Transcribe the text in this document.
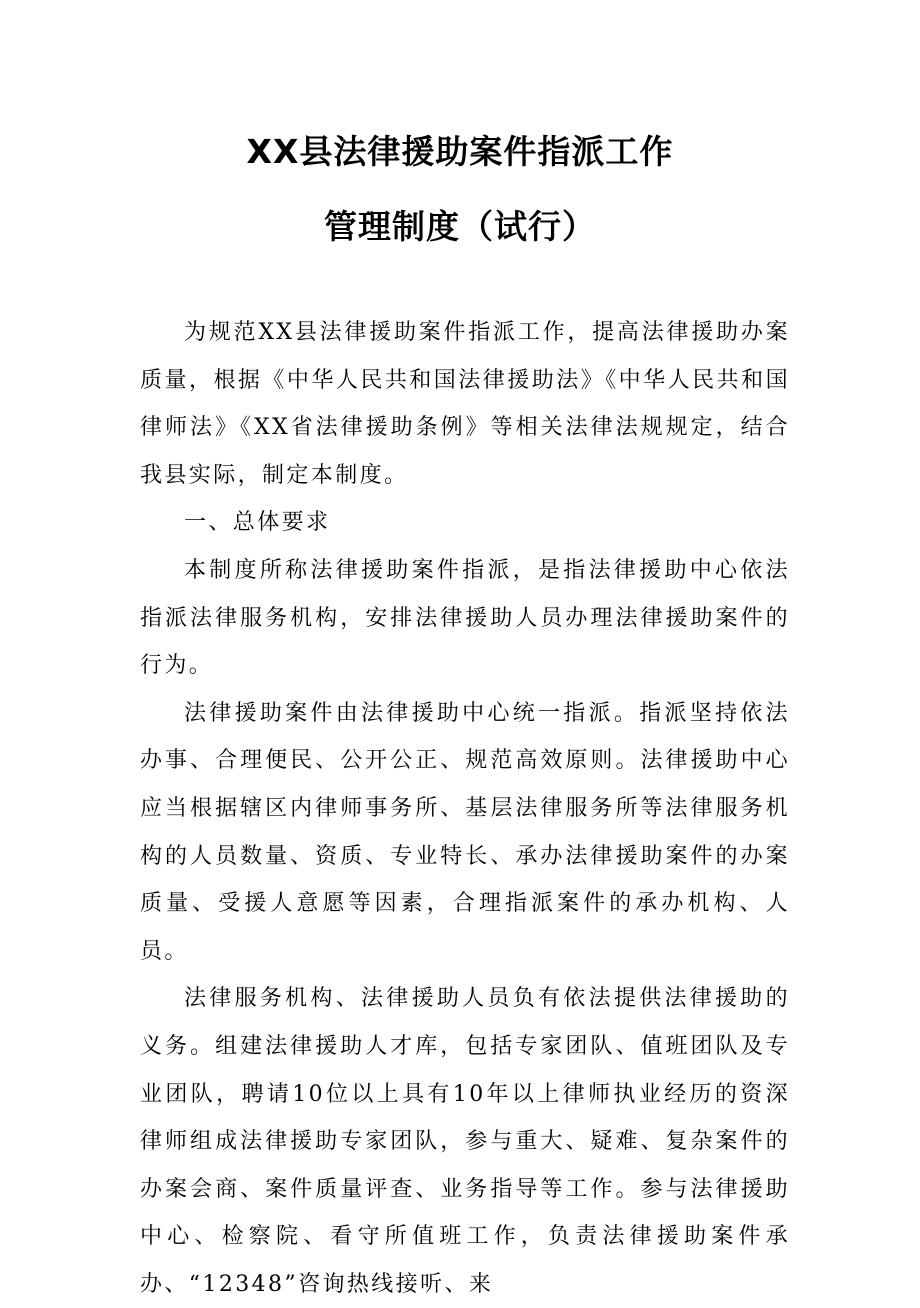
XX县法律援助案件指派工作
管理制度（试行）

为规范XX县法律援助案件指派工作，提高法律援助办案质量，根据《中华人民共和国法律援助法》《中华人民共和国律师法》《XX省法律援助条例》等相关法律法规规定，结合我县实际，制定本制度。

一、总体要求

本制度所称法律援助案件指派，是指法律援助中心依法指派法律服务机构，安排法律援助人员办理法律援助案件的行为。

法律援助案件由法律援助中心统一指派。指派坚持依法办事、合理便民、公开公正、规范高效原则。法律援助中心应当根据辖区内律师事务所、基层法律服务所等法律服务机构的人员数量、资质、专业特长、承办法律援助案件的办案质量、受援人意愿等因素，合理指派案件的承办机构、人员。

法律服务机构、法律援助人员负有依法提供法律援助的义务。组建法律援助人才库，包括专家团队、值班团队及专业团队，聘请10位以上具有10年以上律师执业经历的资深律师组成法律援助专家团队，参与重大、疑难、复杂案件的办案会商、案件质量评查、业务指导等工作。参与法律援助中心、检察院、看守所值班工作，负责法律援助案件承办、“12348”咨询热线接听、来
